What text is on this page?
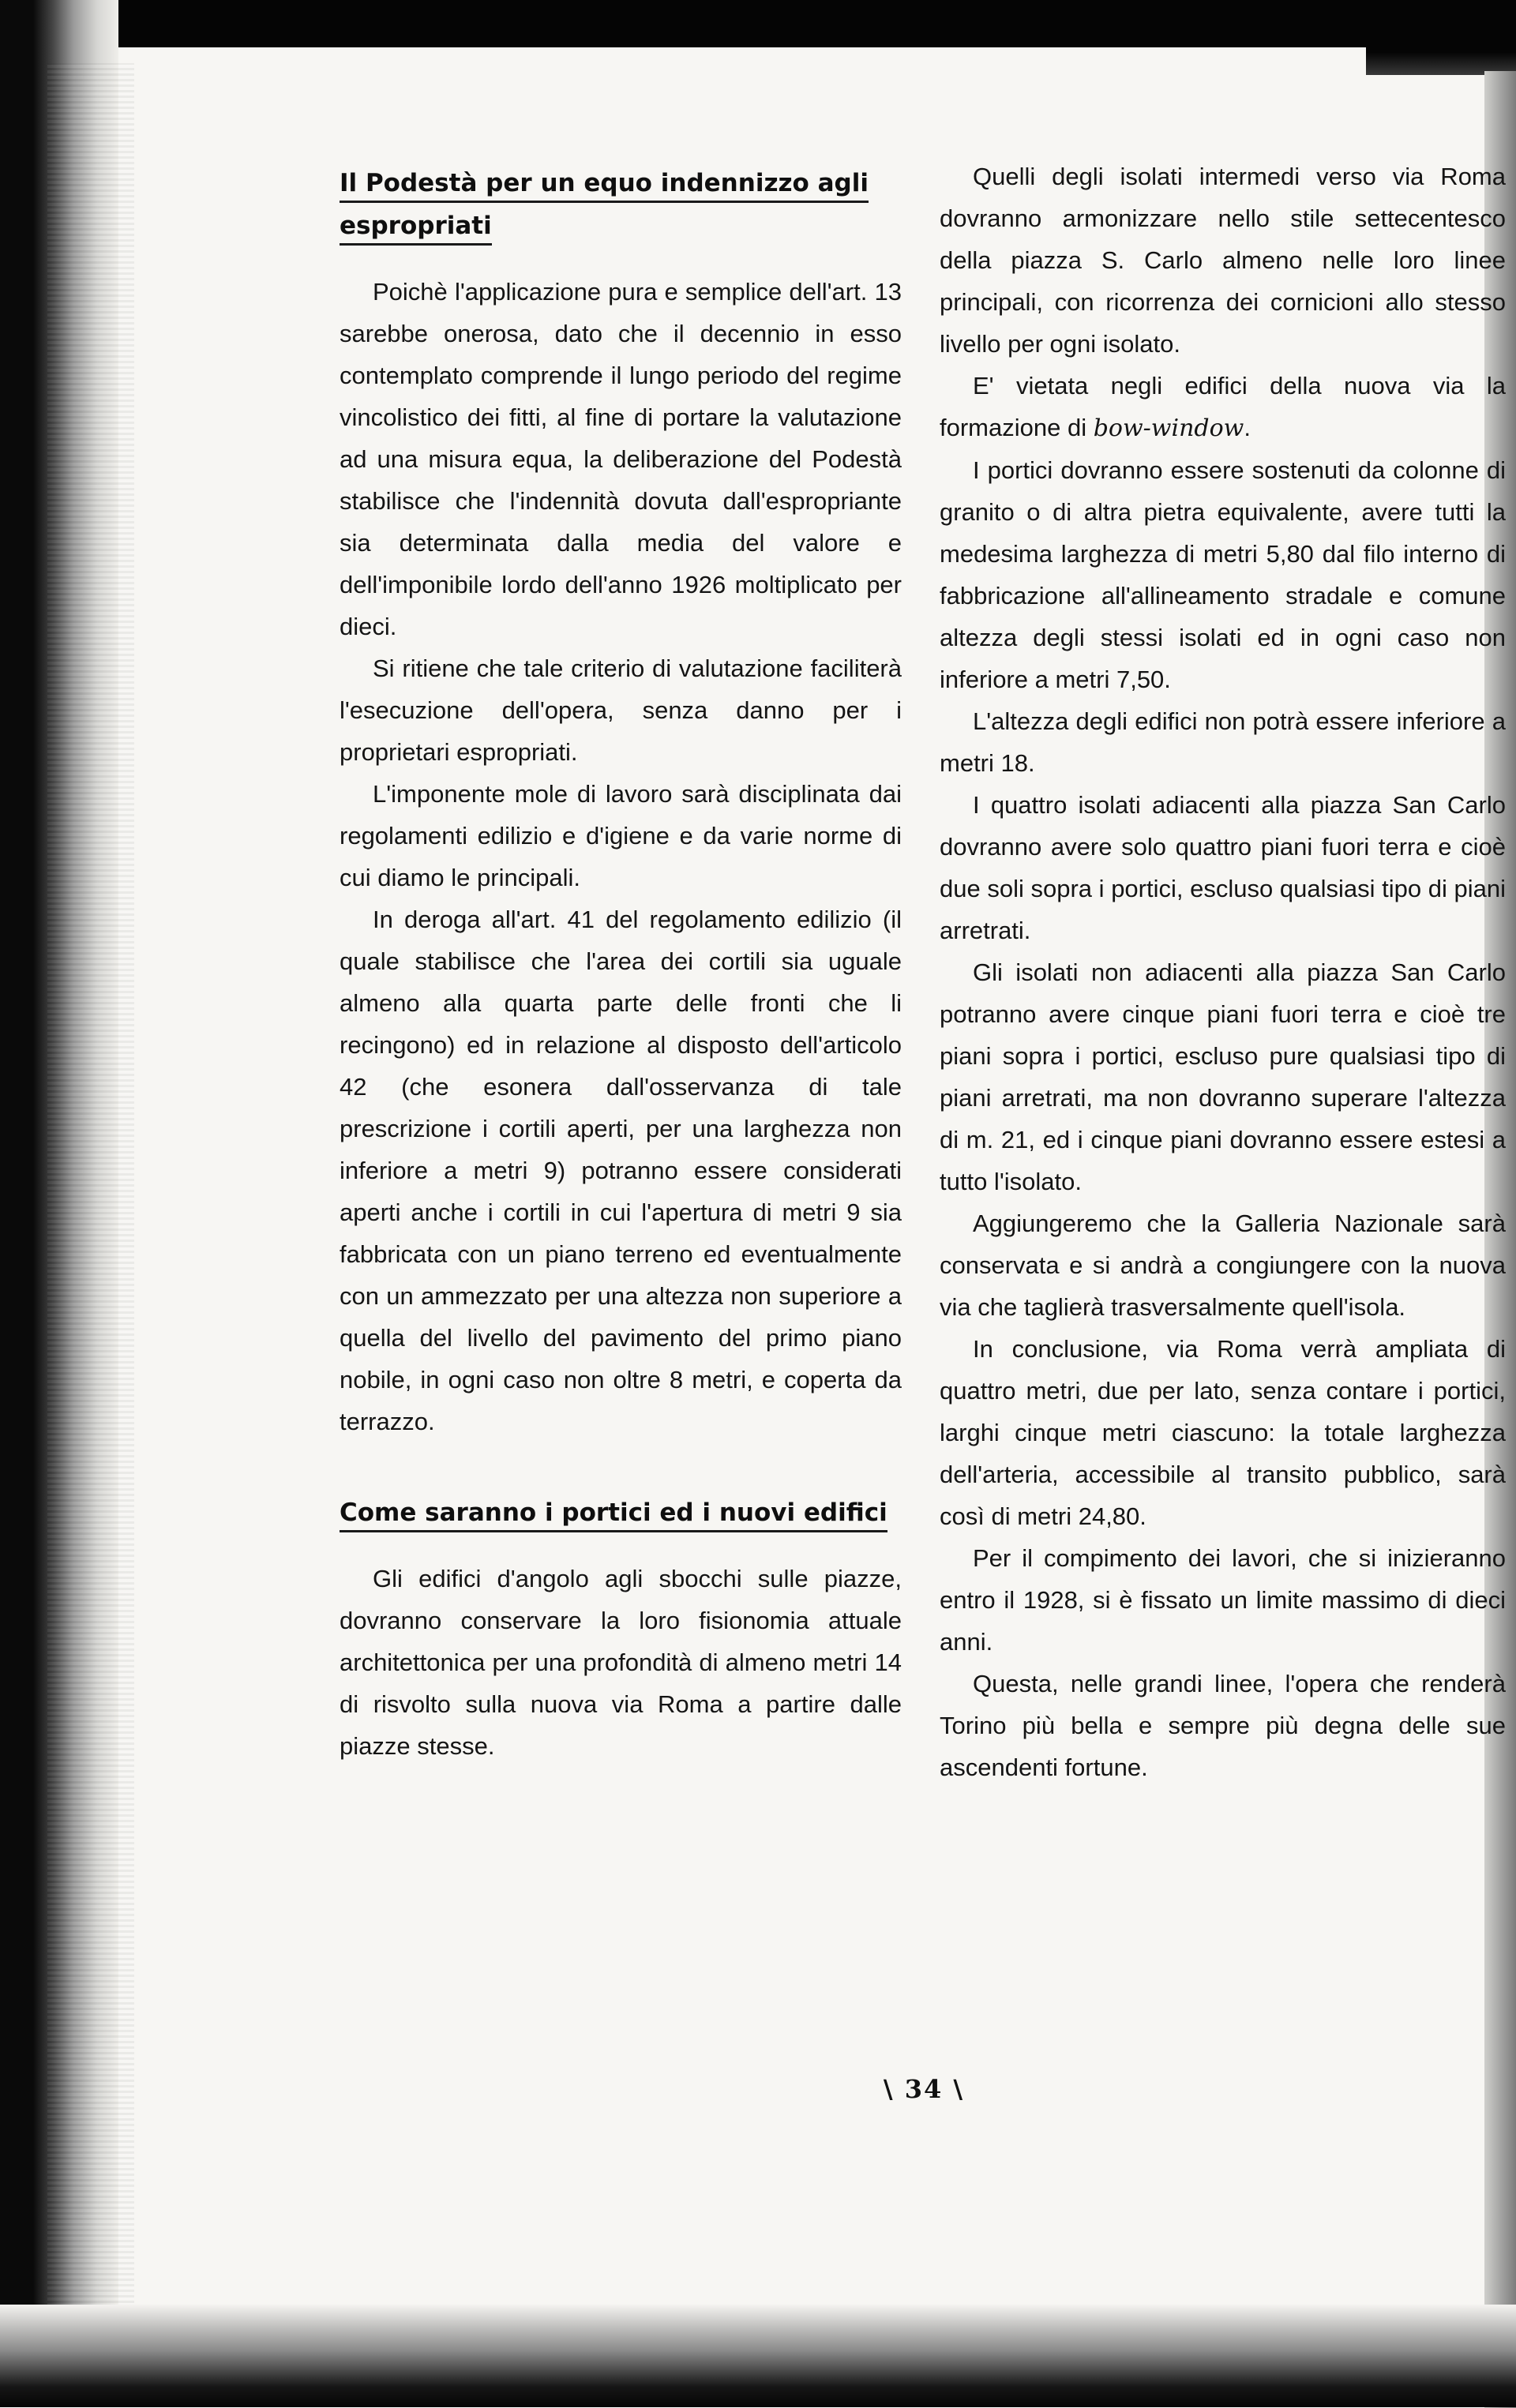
Il Podestà per un equo indennizzo agli espropriati

Poichè l'applicazione pura e semplice dell'art. 13 sarebbe onerosa, dato che il decennio in esso contemplato comprende il lungo periodo del regime vincolistico dei fitti, al fine di portare la valutazione ad una misura equa, la deliberazione del Podestà stabilisce che l'indennità dovuta dall'espropriante sia determinata dalla media del valore e dell'imponibile lordo dell'anno 1926 moltiplicato per dieci.

Si ritiene che tale criterio di valutazione faciliterà l'esecuzione dell'opera, senza danno per i proprietari espropriati.

L'imponente mole di lavoro sarà disciplinata dai regolamenti edilizio e d'igiene e da varie norme di cui diamo le principali.

In deroga all'art. 41 del regolamento edilizio (il quale stabilisce che l'area dei cortili sia uguale almeno alla quarta parte delle fronti che li recingono) ed in relazione al disposto dell'articolo 42 (che esonera dall'osservanza di tale prescrizione i cortili aperti, per una larghezza non inferiore a metri 9) potranno essere considerati aperti anche i cortili in cui l'apertura di metri 9 sia fabbricata con un piano terreno ed eventualmente con un ammezzato per una altezza non superiore a quella del livello del pavimento del primo piano nobile, in ogni caso non oltre 8 metri, e coperta da terrazzo.

Come saranno i portici ed i nuovi edifici

Gli edifici d'angolo agli sbocchi sulle piazze, dovranno conservare la loro fisionomia attuale architettonica per una profondità di almeno metri 14 di risvolto sulla nuova via Roma a partire dalle piazze stesse.

Quelli degli isolati intermedi verso via Roma dovranno armonizzare nello stile settecentesco della piazza S. Carlo almeno nelle loro linee principali, con ricorrenza dei cornicioni allo stesso livello per ogni isolato.

E' vietata negli edifici della nuova via la formazione di bow-window.

I portici dovranno essere sostenuti da colonne di granito o di altra pietra equivalente, avere tutti la medesima larghezza di metri 5,80 dal filo interno di fabbricazione all'allineamento stradale e comune altezza degli stessi isolati ed in ogni caso non inferiore a metri 7,50.

L'altezza degli edifici non potrà essere inferiore a metri 18.

I quattro isolati adiacenti alla piazza San Carlo dovranno avere solo quattro piani fuori terra e cioè due soli sopra i portici, escluso qualsiasi tipo di piani arretrati.

Gli isolati non adiacenti alla piazza San Carlo potranno avere cinque piani fuori terra e cioè tre piani sopra i portici, escluso pure qualsiasi tipo di piani arretrati, ma non dovranno superare l'altezza di m. 21, ed i cinque piani dovranno essere estesi a tutto l'isolato.

Aggiungeremo che la Galleria Nazionale sarà conservata e si andrà a congiungere con la nuova via che taglierà trasversalmente quell'isola.

In conclusione, via Roma verrà ampliata di quattro metri, due per lato, senza contare i portici, larghi cinque metri ciascuno: la totale larghezza dell'arteria, accessibile al transito pubblico, sarà così di metri 24,80.

Per il compimento dei lavori, che si inizieranno entro il 1928, si è fissato un limite massimo di dieci anni.

Questa, nelle grandi linee, l'opera che renderà Torino più bella e sempre più degna delle sue ascendenti fortune.

\ 34 \
